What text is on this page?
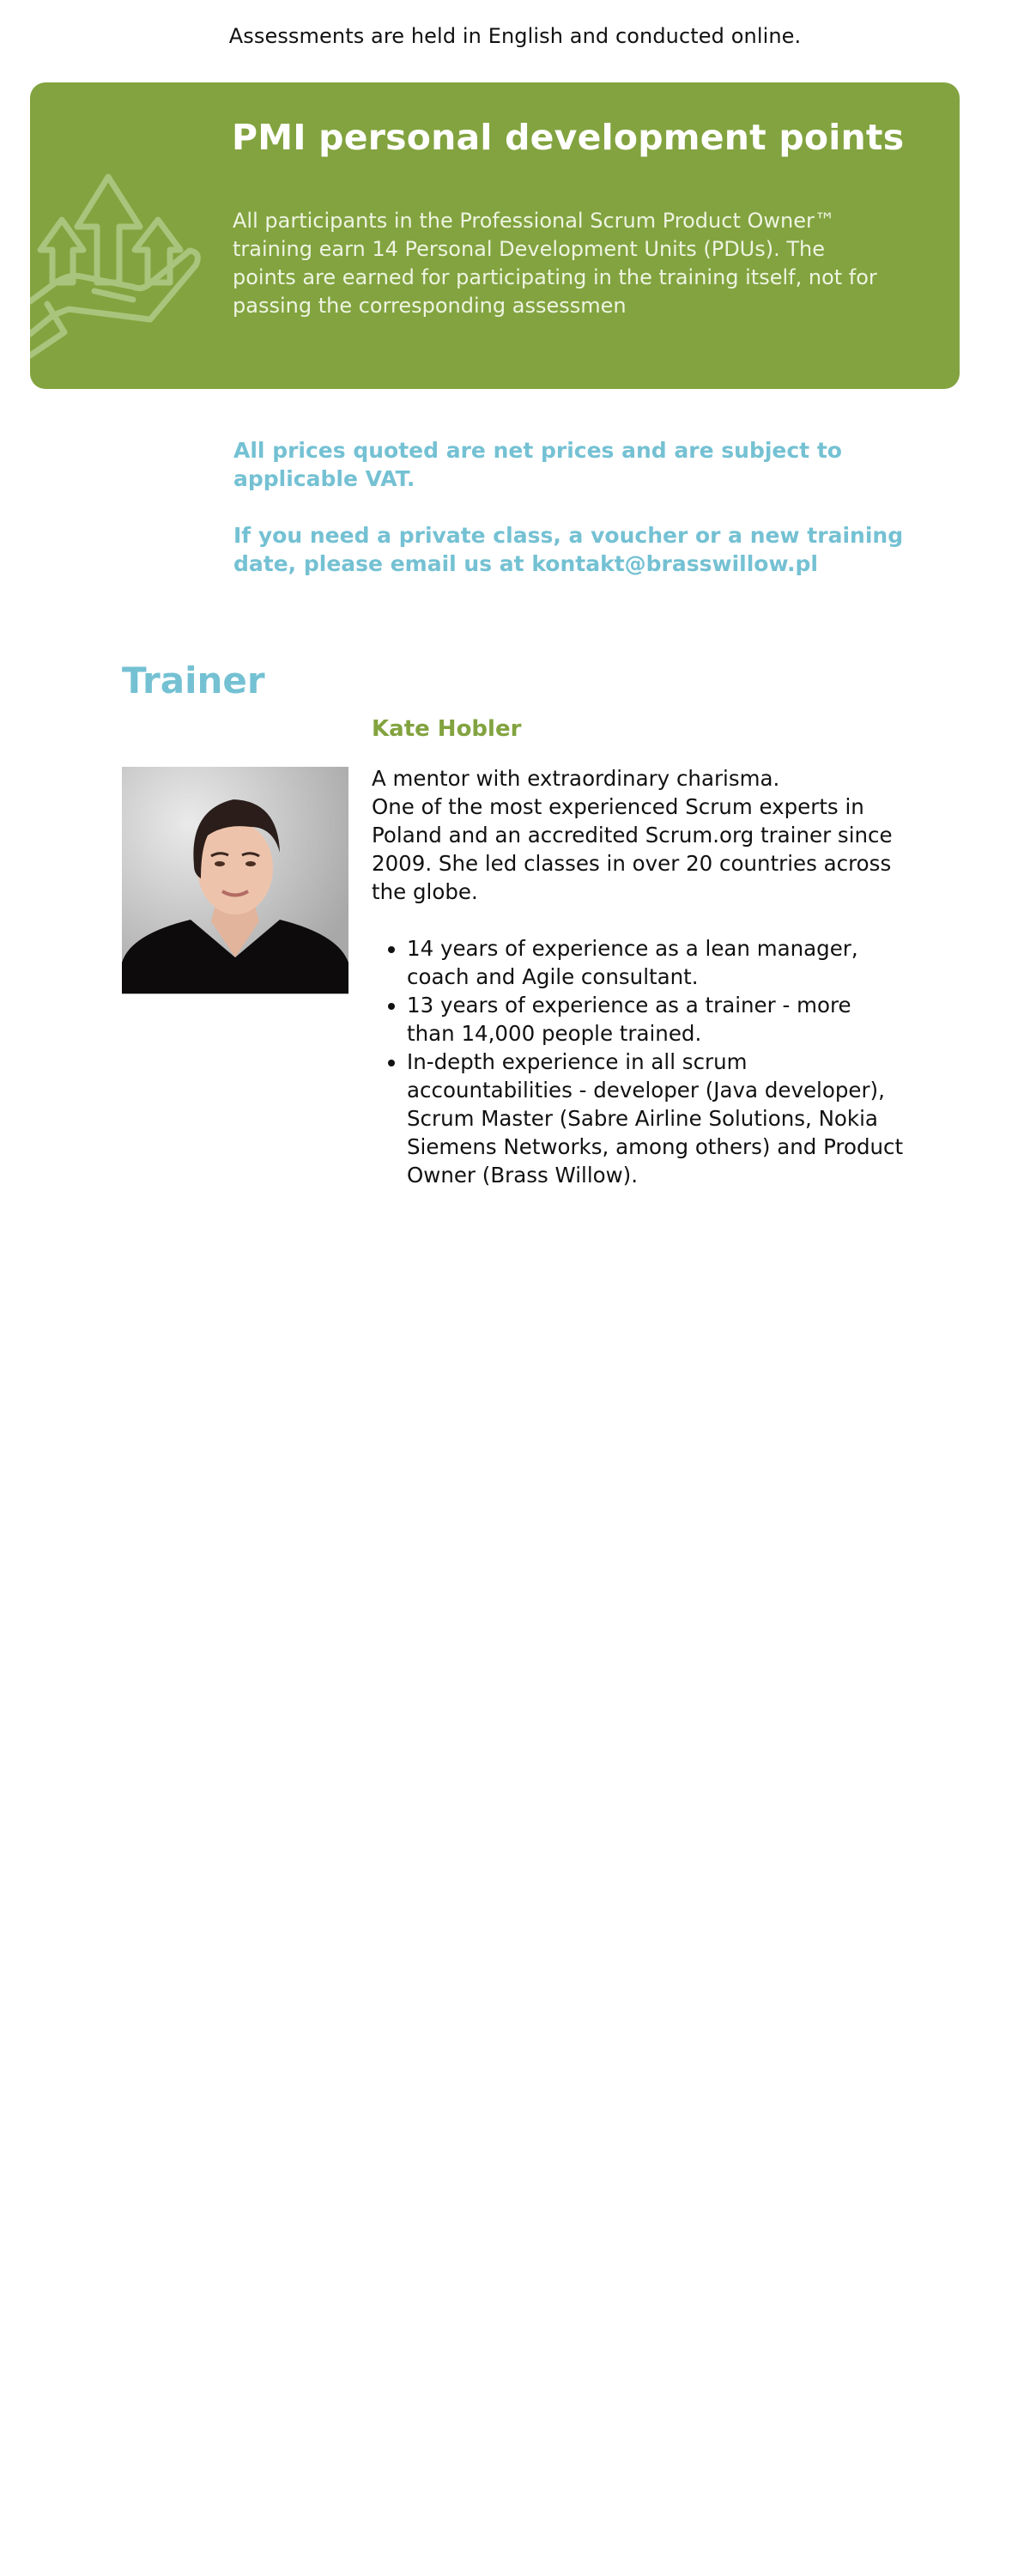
Assessments are held in English and conducted online.
PMI personal development points

All participants in the Professional Scrum Product Owner™ training earn 14 Personal Development Units (PDUs). The points are earned for participating in the training itself, not for passing the corresponding assessmen

All prices quoted are net prices and are subject to applicable VAT.

If you need a private class, a voucher or a new training date, please email us at kontakt@brasswillow.pl

Trainer
Kate Hobler

A mentor with extraordinary charisma.

One of the most experienced Scrum experts in Poland and an accredited Scrum.org trainer since 2009. She led classes in over 20 countries across the globe.

• 14 years of experience as a lean manager, coach and Agile consultant.
• 13 years of experience as a trainer - more than 14,000 people trained.
• In-depth experience in all scrum accountabilities - developer (Java developer), Scrum Master (Sabre Airline Solutions, Nokia Siemens Networks, among others) and Product Owner (Brass Willow).
